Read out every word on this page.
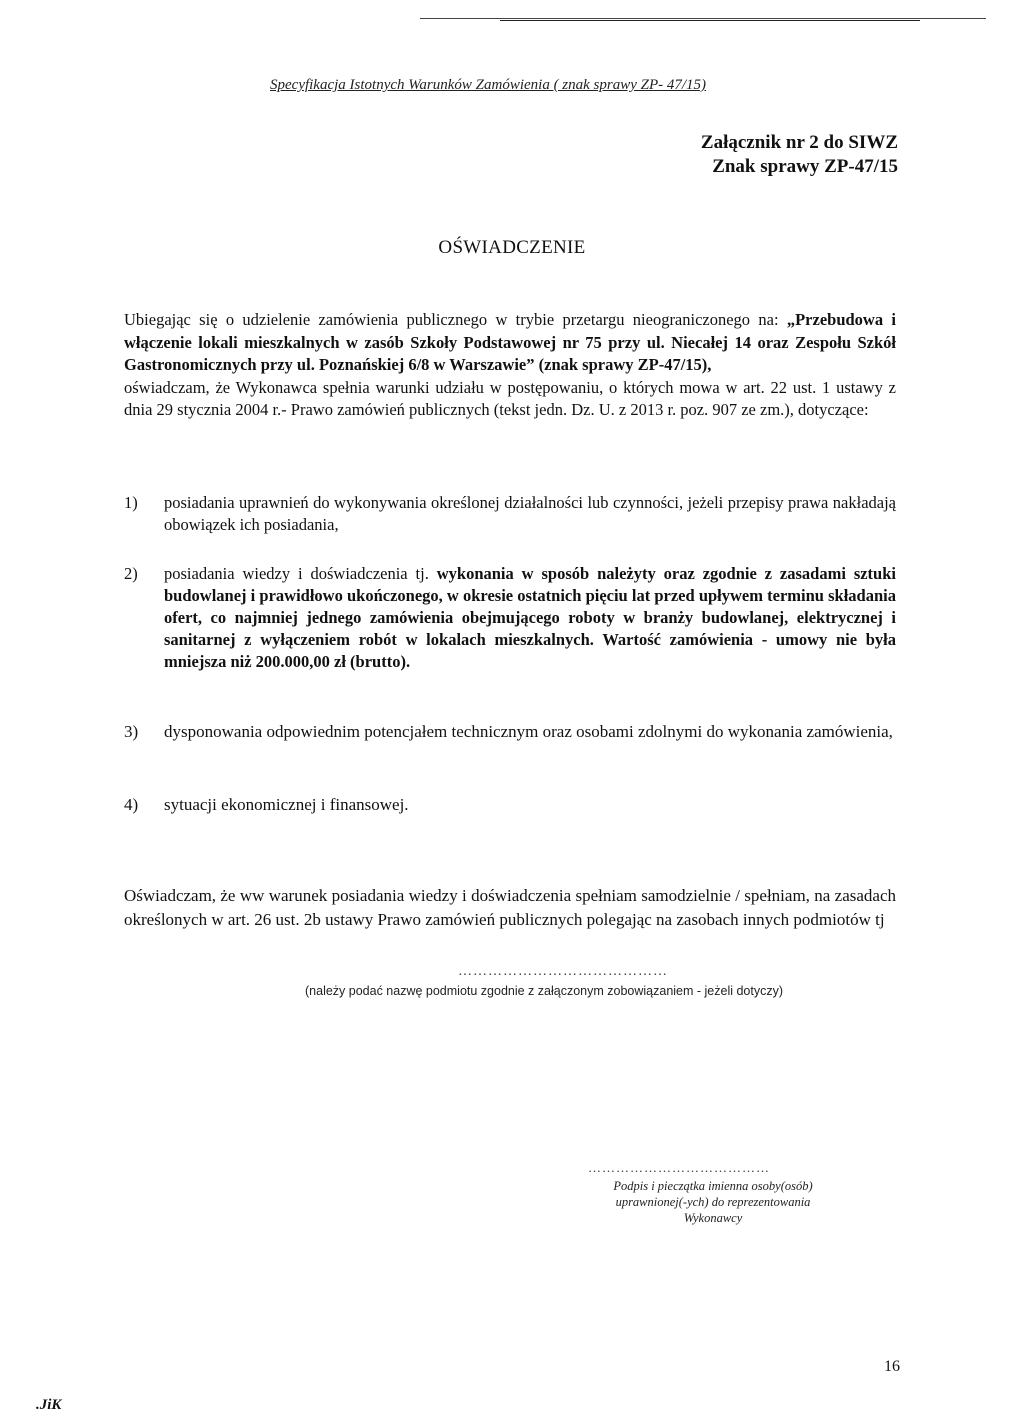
Specyfikacja Istotnych Warunków Zamówienia ( znak sprawy ZP- 47/15)
Załącznik nr 2 do SIWZ
Znak sprawy ZP-47/15
OŚWIADCZENIE

Ubiegając się o udzielenie zamówienia publicznego w trybie przetargu nieograniczonego na: „Przebudowa i włączenie lokali mieszkalnych w zasób Szkoły Podstawowej nr 75 przy ul. Niecałej 14 oraz Zespołu Szkół Gastronomicznych przy ul. Poznańskiej 6/8 w Warszawie” (znak sprawy ZP-47/15),

oświadczam, że Wykonawca spełnia warunki udziału w postępowaniu, o których mowa w art. 22 ust. 1 ustawy z dnia 29 stycznia 2004 r.- Prawo zamówień publicznych (tekst jedn. Dz. U. z 2013 r. poz. 907 ze zm.), dotyczące:

1)	posiadania uprawnień do wykonywania określonej działalności lub czynności, jeżeli przepisy prawa nakładają obowiązek ich posiadania,
2)	posiadania wiedzy i doświadczenia tj. wykonania w sposób należyty oraz zgodnie z zasadami sztuki budowlanej i prawidłowo ukończonego, w okresie ostatnich pięciu lat przed upływem terminu składania ofert, co najmniej jednego zamówienia obejmującego roboty w branży budowlanej, elektrycznej i sanitarnej z wyłączeniem robót w lokalach mieszkalnych. Wartość zamówienia - umowy nie była mniejsza niż 200.000,00 zł (brutto).
3)	dysponowania odpowiednim potencjałem technicznym oraz osobami zdolnymi do wykonania zamówienia,
4)	sytuacji ekonomicznej i finansowej.
Oświadczam, że ww warunek posiadania wiedzy i doświadczenia spełniam samodzielnie / spełniam, na zasadach określonych w art. 26 ust. 2b ustawy Prawo zamówień publicznych polegając na zasobach innych podmiotów tj
……………………………………
(należy podać nazwę podmiotu zgodnie z załączonym zobowiązaniem - jeżeli dotyczy)
…………………………………
Podpis i pieczątka imienna osoby(osób)
uprawnionej(-ych) do reprezentowania
Wykonawcy
16
.JiK
